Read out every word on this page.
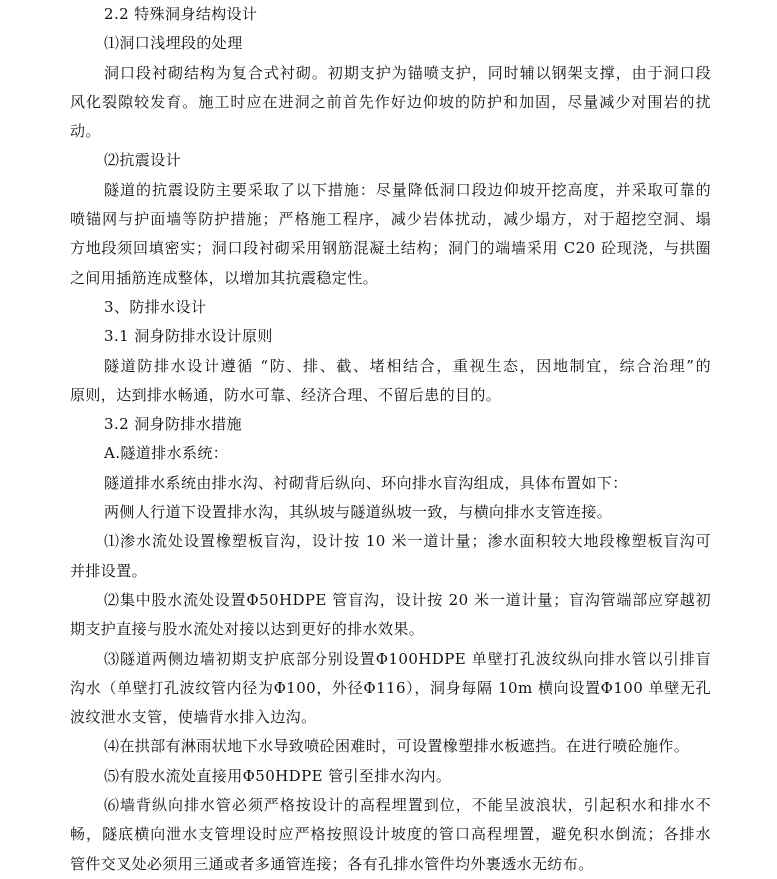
2.2 特殊洞身结构设计
⑴洞口浅埋段的处理
洞口段衬砌结构为复合式衬砌。初期支护为锚喷支护，同时辅以钢架支撑，由于洞口段
风化裂隙较发育。施工时应在进洞之前首先作好边仰坡的防护和加固，尽量减少对围岩的扰
动。
⑵抗震设计
隧道的抗震设防主要采取了以下措施：尽量降低洞口段边仰坡开挖高度，并采取可靠的
喷锚网与护面墙等防护措施；严格施工程序，减少岩体扰动，减少塌方，对于超挖空洞、塌
方地段须回填密实；洞口段衬砌采用钢筋混凝土结构；洞门的端墙采用 C20 砼现浇，与拱圈
之间用插筋连成整体，以增加其抗震稳定性。
3、防排水设计
3.1 洞身防排水设计原则
隧道防排水设计遵循 “防、排、截、堵相结合，重视生态，因地制宜，综合治理”的
原则，达到排水畅通，防水可靠、经济合理、不留后患的目的。
3.2 洞身防排水措施
A.隧道排水系统：
隧道排水系统由排水沟、衬砌背后纵向、环向排水盲沟组成，具体布置如下：
两侧人行道下设置排水沟，其纵坡与隧道纵坡一致，与横向排水支管连接。
⑴渗水流处设置橡塑板盲沟，设计按 10 米一道计量；渗水面积较大地段橡塑板盲沟可
并排设置。
⑵集中股水流处设置Φ50HDPE 管盲沟，设计按 20 米一道计量；盲沟管端部应穿越初
期支护直接与股水流处对接以达到更好的排水效果。
⑶隧道两侧边墙初期支护底部分别设置Φ100HDPE 单壁打孔波纹纵向排水管以引排盲
沟水（单壁打孔波纹管内径为Φ100，外径Φ116），洞身每隔 10m 横向设置Φ100 单壁无孔
波纹泄水支管，使墙背水排入边沟。
⑷在拱部有淋雨状地下水导致喷砼困难时，可设置橡塑排水板遮挡。在进行喷砼施作。
⑸有股水流处直接用Φ50HDPE 管引至排水沟内。
⑹墙背纵向排水管必须严格按设计的高程埋置到位，不能呈波浪状，引起积水和排水不
畅，隧底横向泄水支管埋设时应严格按照设计坡度的管口高程埋置，避免积水倒流；各排水
管件交叉处必须用三通或者多通管连接；各有孔排水管件均外裹透水无纺布。
